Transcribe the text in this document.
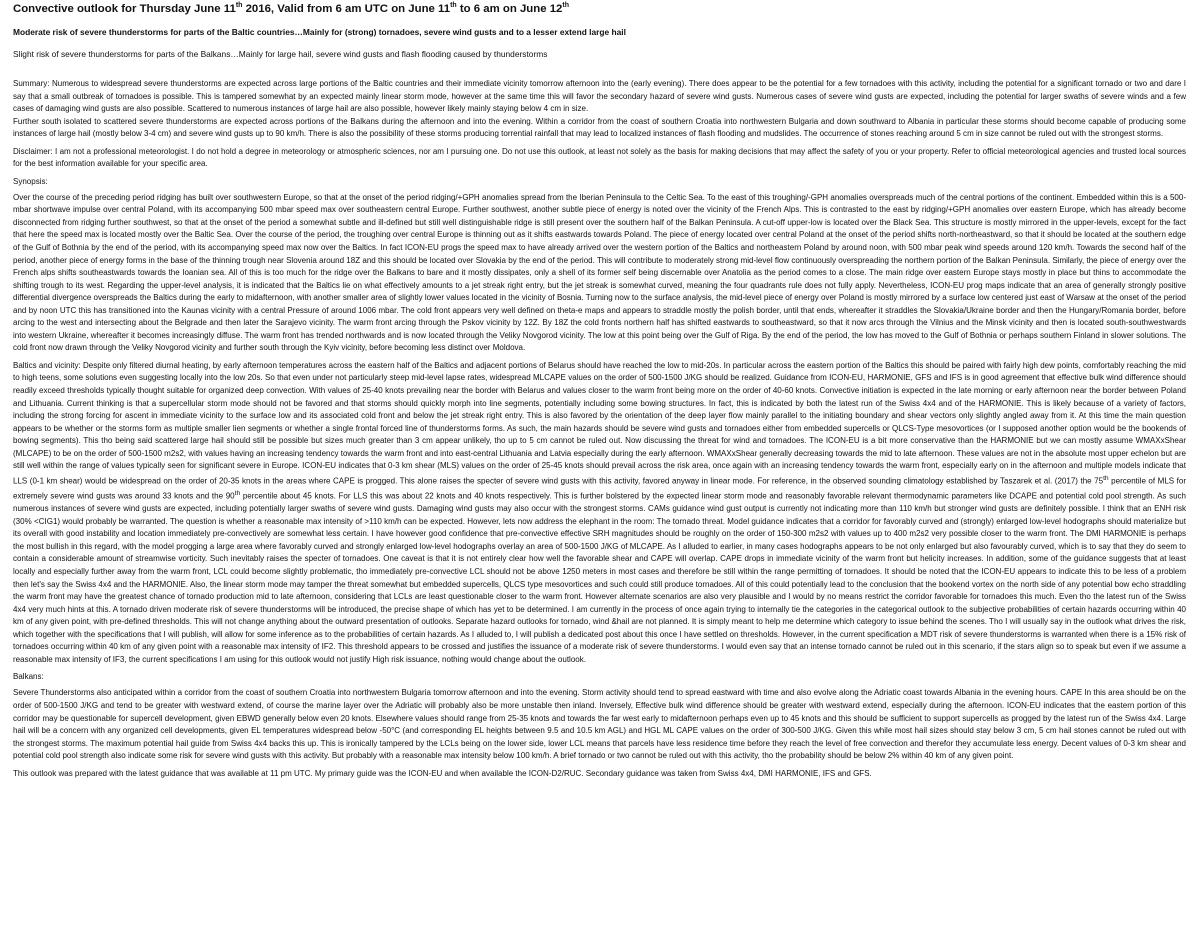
Convective outlook for Thursday June 11th 2016, Valid from 6 am UTC on June 11th to 6 am on June 12th
Moderate risk of severe thunderstorms for parts of the Baltic countries…Mainly for (strong) tornadoes, severe wind gusts and to a lesser extend large hail
Slight risk of severe thunderstorms for parts of the Balkans…Mainly for large hail, severe wind gusts and flash flooding caused by thunderstorms
Summary: Numerous to widespread severe thunderstorms are expected across large portions of the Baltic countries and their immediate vicinity tomorrow afternoon into the (early evening). There does appear to be the potential for a few tornadoes with this activity, including the potential for a significant tornado or two and dare I say that a small outbreak of tornadoes is possible. This is tampered somewhat by an expected mainly linear storm mode, however at the same time this will favor the secondary hazard of severe wind gusts. Numerous cases of severe wind gusts are expected, including the potential for larger swaths of severe winds and a few cases of damaging wind gusts are also possible. Scattered to numerous instances of large hail are also possible, however likely mainly staying below 4 cm in size.
Further south isolated to scattered severe thunderstorms are expected across portions of the Balkans during the afternoon and into the evening. Within a corridor from the coast of southern Croatia into northwestern Bulgaria and down southward to Albania in particular these storms should become capable of producing some instances of large hail (mostly below 3-4 cm) and severe wind gusts up to 90 km/h. There is also the possibility of these storms producing torrential rainfall that may lead to localized instances of flash flooding and mudslides. The occurrence of stones reaching around 5 cm in size cannot be ruled out with the strongest storms.
Disclaimer: I am not a professional meteorologist. I do not hold a degree in meteorology or atmospheric sciences, nor am I pursuing one. Do not use this outlook, at least not solely as the basis for making decisions that may affect the safety of you or your property. Refer to official meteorological agencies and trusted local sources for the best information available for your specific area.
Synopsis:
Over the course of the preceding period ridging has built over southwestern Europe, so that at the onset of the period ridging/+GPH anomalies spread from the Iberian Peninsula to the Celtic Sea. To the east of this troughing/-GPH anomalies overspreads much of the central portions of the continent. Embedded within this is a 500-mbar shortwave impulse over central Poland, with its accompanying 500 mbar speed max over southeastern central Europe. Further southwest, another subtle piece of energy is noted over the vicinity of the French Alps. This is contrasted to the east by ridging/+GPH anomalies over eastern Europe, which has already become disconnected from ridging further southwest, so that at the onset of the period a somewhat subtle and ill-defined but still well distinguishable ridge is still present over the southern half of the Balkan Peninsula. A cut-off upper-low is located over the Black Sea. This structure is mostly mirrored in the upper-levels, except for the fact that here the speed max is located mostly over the Baltic Sea. Over the course of the period, the troughing over central Europe is thinning out as it shifts eastwards towards Poland. The piece of energy located over central Poland at the onset of the period shifts north-northeastward, so that it should be located at the southern edge of the Gulf of Bothnia by the end of the period, with its accompanying speed max now over the Baltics. In fact ICON-EU progs the speed max to have already arrived over the western portion of the Baltics and northeastern Poland by around noon, with 500 mbar peak wind speeds around 120 km/h. Towards the second half of the period, another piece of energy forms in the base of the thinning trough near Slovenia around 18Z and this should be located over Slovakia by the end of the period. This will contribute to moderately strong mid-level flow continuously overspreading the northern portion of the Balkan Peninsula. Similarly, the piece of energy over the French alps shifts southeastwards towards the Ioanian sea. All of this is too much for the ridge over the Balkans to bare and it mostly dissipates, only a shell of its former self being discernable over Anatolia as the period comes to a close. The main ridge over eastern Europe stays mostly in place but thins to accommodate the shifting trough to its west. Regarding the upper-level analysis, it is indicated that the Baltics lie on what effectively amounts to a jet streak right entry, but the jet streak is somewhat curved, meaning the four quadrants rule does not fully apply. Nevertheless, ICON-EU prog maps indicate that an area of generally strongly positive differential divergence overspreads the Baltics during the early to midafternoon, with another smaller area of slightly lower values located in the vicinity of Bosnia. Turning now to the surface analysis, the mid-level piece of energy over Poland is mostly mirrored by a surface low centered just east of Warsaw at the onset of the period and by noon UTC this has transitioned into the Kaunas vicinity with a central Pressure of around 1006 mbar. The cold front appears very well defined on theta-e maps and appears to straddle mostly the polish border, until that ends, whereafter it straddles the Slovakia/Ukraine border and then the Hungary/Romania border, before arcing to the west and intersecting about the Belgrade and then later the Sarajevo vicinity. The warm front arcing through the Pskov vicinity by 12Z. By 18Z the cold fronts northern half has shifted eastwards to southeastward, so that it now arcs through the Vilnius and the Minsk vicinity and then is located south-southwestwards into western Ukraine, whereafter it becomes increasingly diffuse. The warm front has trended northwards and is now located through the Veliky Novgorod vicinity. The low at this point being over the Gulf of Riga. By the end of the period, the low has moved to the Gulf of Bothnia or perhaps southern Finland in slower solutions. The cold front now drawn through the Veliky Novgorod vicinity and further south through the Kyiv vicinity, before becoming less distinct over Moldova.
Baltics and vicinity: Despite only filtered diurnal heating, by early afternoon temperatures across the eastern half of the Baltics and adjacent portions of Belarus should have reached the low to mid-20s. In particular across the eastern portion of the Baltics this should be paired with fairly high dew points, comfortably reaching the mid to high teens, some solutions even suggesting locally into the low 20s. So that even under not particularly steep mid-level lapse rates, widespread MLCAPE values on the order of 500-1500 J/KG should be realized. Guidance from ICON-EU, HARMONIE, GFS and IFS is in good agreement that effective bulk wind difference should readily exceed thresholds typically thought suitable for organized deep convection. With values of 25-40 knots prevailing near the border with Belarus and values closer to the warm front being more on the order of 40-60 knots. Convective initiation is expected in the late morning or early afternoon near the border between Poland and Lithuania. Current thinking is that a supercellular storm mode should not be favored and that storms should quickly morph into line segments, potentially including some bowing structures. In fact, this is indicated by both the latest run of the Swiss 4x4 and of the HARMONIE. This is likely because of a variety of factors, including the strong forcing for ascent in immediate vicinity to the surface low and its associated cold front and below the jet streak right entry. This is also favored by the orientation of the deep layer flow mainly parallel to the initiating boundary and shear vectors only slightly angled away from it. At this time the main question appears to be whether or the storms form as multiple smaller lien segments or whether a single frontal forced line of thunderstorms forms. As such, the main hazards should be severe wind gusts and tornadoes either from embedded supercells or QLCS-Type mesovortices (or I supposed another option would be the bookends of bowing segments). This tho being said scattered large hail should still be possible but sizes much greater than 3 cm appear unlikely, tho up to 5 cm cannot be ruled out. Now discussing the threat for wind and tornadoes. The ICON-EU is a bit more conservative than the HARMONIE but we can mostly assume WMAXxShear (MLCAPE) to be on the order of 500-1500 m2s2, with values having an increasing tendency towards the warm front and into east-central Lithuania and Latvia especially during the early afternoon. WMAXxShear generally decreasing towards the mid to late afternoon. These values are not in the absolute most upper echelon but are still well within the range of values typically seen for significant severe in Europe. ICON-EU indicates that 0-3 km shear (MLS) values on the order of 25-45 knots should prevail across the risk area, once again with an increasing tendency towards the warm front, especially early on in the afternoon and multiple models indicate that LLS (0-1 km shear) would be widespread on the order of 20-35 knots in the areas where CAPE is progged. This alone raises the specter of severe wind gusts with this activity, favored anyway in linear mode. For reference, in the observed sounding climatology established by Taszarek et al. (2017) the 75th percentile of MLS for extremely severe wind gusts was around 33 knots and the 90th percentile about 45 knots. For LLS this was about 22 knots and 40 knots respectively. This is further bolstered by the expected linear storm mode and reasonably favorable relevant thermodynamic parameters like DCAPE and potential cold pool strength. As such numerous instances of severe wind gusts are expected, including potentially larger swaths of severe wind gusts. Damaging wind gusts may also occur with the strongest storms. CAMs guidance wind gust output is currently not indicating more than 110 km/h but stronger wind gusts are definitely possible. I think that an ENH risk (30% <CIG1) would probably be warranted. The question is whether a reasonable max intensity of >110 km/h can be expected. However, lets now address the elephant in the room: The tornado threat. Model guidance indicates that a corridor for favorably curved and (strongly) enlarged low-level hodographs should materialize but its overall with good instability and location immediately pre-convectively are somewhat less certain. I have however good confidence that pre-convective effective SRH magnitudes should be roughly on the order of 150-300 m2s2 with values up to 400 m2s2 very possible closer to the warm front. The DMI HARMONIE is perhaps the most bullish in this regard, with the model progging a large area where favorably curved and strongly enlarged low-level hodographs overlay an area of 500-1500 J/KG of MLCAPE. As I alluded to earlier, in many cases hodographs appears to be not only enlarged but also favourably curved, which is to say that they do seem to contain a considerable amount of streamwise vorticity. Such inevitably raises the specter of tornadoes. One caveat is that it is not entirely clear how well the favorable shear and CAPE will overlap. CAPE drops in immediate vicinity of the warm front but helicity increases. In addition, some of the guidance suggests that at least locally and especially further away from the warm front, LCL could become slightly problematic, tho immediately pre-convective LCL should not be above 1250 meters in most cases and therefore be still within the range permitting of tornadoes. It should be noted that the ICON-EU appears to indicate this to be less of a problem then let's say the Swiss 4x4 and the HARMONIE. Also, the linear storm mode may tamper the threat somewhat but embedded supercells, QLCS type mesovortices and such could still produce tornadoes. All of this could potentially lead to the conclusion that the bookend vortex on the north side of any potential bow echo straddling the warm front may have the greatest chance of tornado production mid to late afternoon, considering that LCLs are least questionable closer to the warm front. However alternate scenarios are also very plausible and I would by no means restrict the corridor favorable for tornadoes this much. Even tho the latest run of the Swiss 4x4 very much hints at this. A tornado driven moderate risk of severe thunderstorms will be introduced, the precise shape of which has yet to be determined. I am currently in the process of once again trying to internally tie the categories in the categorical outlook to the subjective probabilities of certain hazards occurring within 40 km of any given point, with pre-defined thresholds. This will not change anything about the outward presentation of outlooks. Separate hazard outlooks for tornado, wind &hail are not planned. It is simply meant to help me determine which category to issue behind the scenes. Tho I will usually say in the outlook what drives the risk, which together with the specifications that I will publish, will allow for some inference as to the probabilities of certain hazards. As I alluded to, I will publish a dedicated post about this once I have settled on thresholds. However, in the current specification a MDT risk of severe thunderstorms is warranted when there is a 15% risk of tornadoes occurring within 40 km of any given point with a reasonable max intensity of IF2. This threshold appears to be crossed and justifies the issuance of a moderate risk of severe thunderstorms. I would even say that an intense tornado cannot be ruled out in this scenario, if the stars align so to speak but even if we assume a reasonable max intensity of IF3, the current specifications I am using for this outlook would not justify High risk issuance, nothing would change about the outlook.
Balkans:
Severe Thunderstorms also anticipated within a corridor from the coast of southern Croatia into northwestern Bulgaria tomorrow afternoon and into the evening. Storm activity should tend to spread eastward with time and also evolve along the Adriatic coast towards Albania in the evening hours. CAPE In this area should be on the order of 500-1500 J/KG and tend to be greater with westward extend, of course the marine layer over the Adriatic will probably also be more unstable then inland. Inversely, Effective bulk wind difference should be greater with westward extend, especially during the afternoon. ICON-EU indicates that the eastern portion of this corridor may be questionable for supercell development, given EBWD generally below even 20 knots. Elsewhere values should range from 25-35 knots and towards the far west early to midafternoon perhaps even up to 45 knots and this should be sufficient to support supercells as progged by the latest run of the Swiss 4x4. Large hail will be a concern with any organized cell developments, given EL temperatures widespread below -50°C (and corresponding EL heights between 9.5 and 10.5 km AGL) and HGL ML CAPE values on the order of 300-500 J/KG. Given this while most hail sizes should stay below 3 cm, 5 cm hail stones cannot be ruled out with the strongest storms. The maximum potential hail guide from Swiss 4x4 backs this up. This is ironically tampered by the LCLs being on the lower side, lower LCL means that parcels have less residence time before they reach the level of free convection and therefor they accumulate less energy. Decent values of 0-3 km shear and potential cold pool strength also indicate some risk for severe wind gusts with this activity. But probably with a reasonable max intensity below 100 km/h. A brief tornado or two cannot be ruled out with this activity, tho the probability should be below 2% within 40 km of any given point.
This outlook was prepared with the latest guidance that was available at 11 pm UTC. My primary guide was the ICON-EU and when available the ICON-D2/RUC. Secondary guidance was taken from Swiss 4x4, DMI HARMONIE, IFS and GFS.
